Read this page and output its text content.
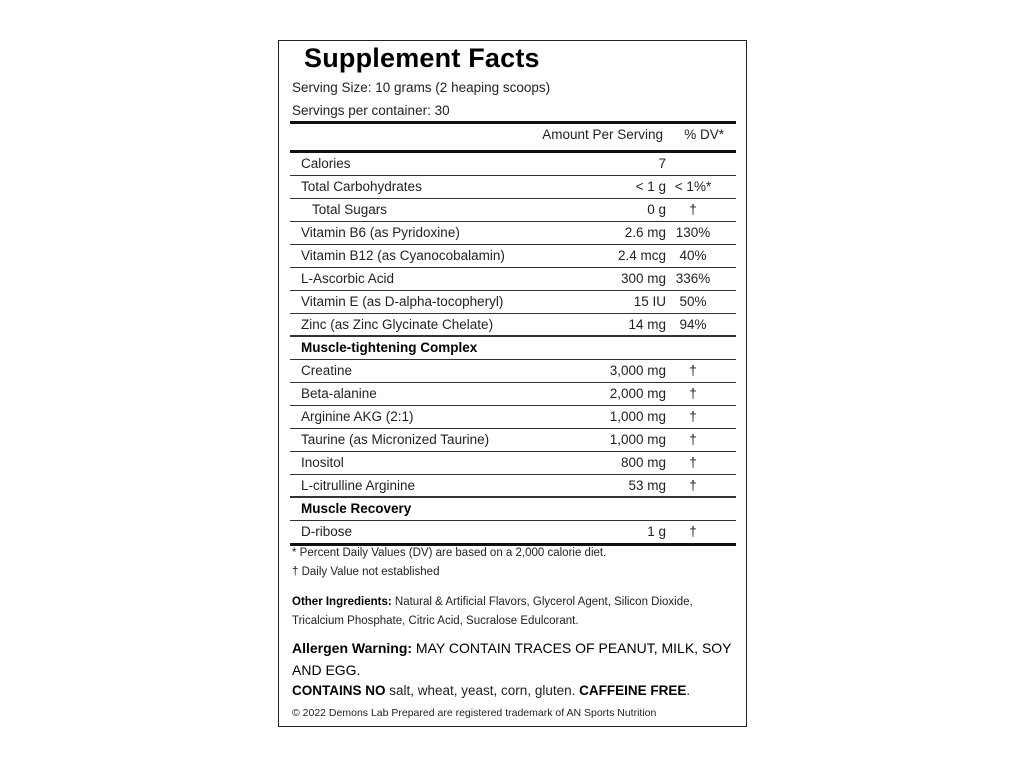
Supplement Facts
Serving Size: 10 grams (2 heaping scoops)
Servings per container: 30
Amount Per Serving % DV*
Calories	7
Total Carbohydrates	< 1 g < 1%*
Total Sugars	0 g	†
Vitamin B6 (as Pyridoxine)	2.6 mg 130%
Vitamin B12 (as Cyanocobalamin)	2.4 mcg 40%
L-Ascorbic Acid	300 mg 336%
Vitamin E (as D-alpha-tocopheryl)	15 IU 50%
Zinc (as Zinc Glycinate Chelate)	14 mg 94%
Muscle-tightening Complex
Creatine	3,000 mg	†
Beta-alanine	2,000 mg	†
Arginine AKG (2:1)	1,000 mg	†
Taurine (as Micronized Taurine)	1,000 mg	†
Inositol	800 mg	†
L-citrulline Arginine	53 mg	†
Muscle Recovery
D-ribose	1 g	†
* Percent Daily Values (DV) are based on a 2,000 calorie diet.
† Daily Value not established
Other Ingredients: Natural & Artificial Flavors, Glycerol Agent, Silicon Dioxide, Tricalcium Phosphate, Citric Acid, Sucralose Edulcorant.
Allergen Warning: MAY CONTAIN TRACES OF PEANUT, MILK, SOY AND EGG.
CONTAINS NO salt, wheat, yeast, corn, gluten. CAFFEINE FREE.
© 2022 Demons Lab Prepared are registered trademark of AN Sports Nutrition
